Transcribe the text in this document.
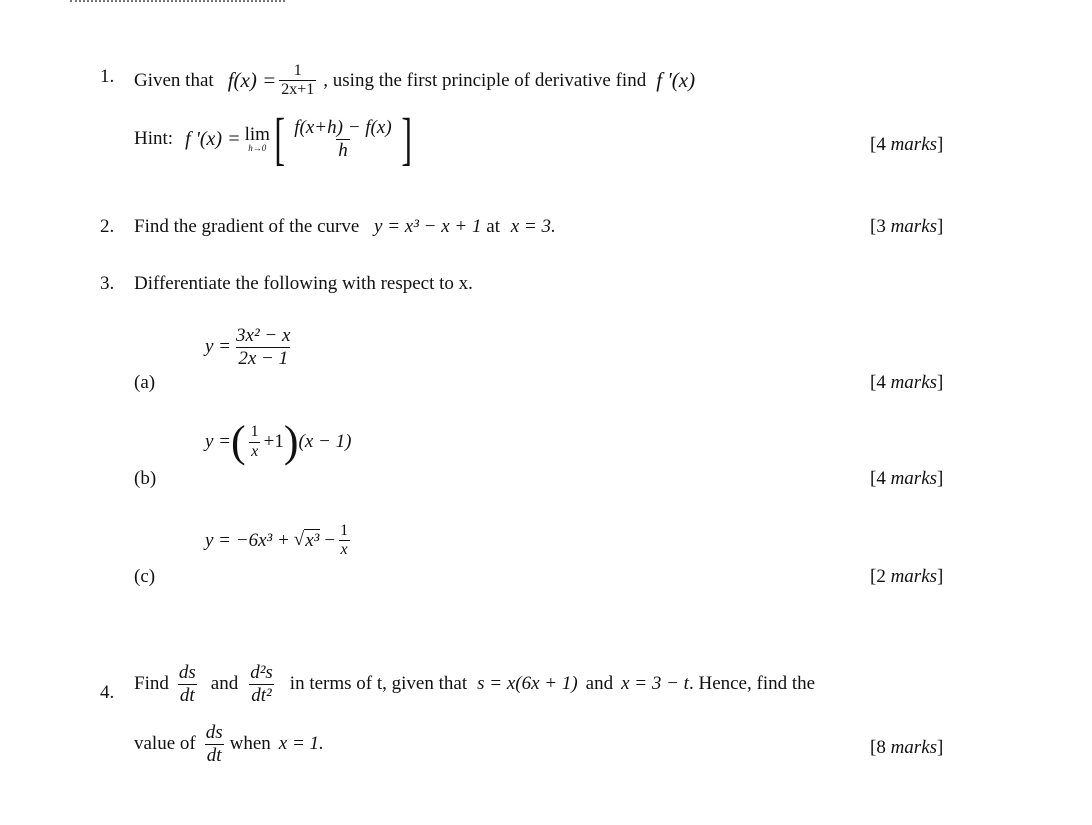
1. Given that $f(x) = \frac{1}{2x+1}$ , using the first principle of derivative find f '(x)
Hint: f '(x) = lim
h→0 [ $\frac{f(x+h) - f(x)}{h}$ ]	[4 marks]
2. Find the gradient of the curve y = x³ − x + 1 at x = 3.	[3 marks]
3. Differentiate the following with respect to x.
(a)
$y = \frac{\text{3x² − x}}{2x - 1}$
[4 marks]
(b)
y = ( $\frac{1}{x} +1$ ) (x − 1)
[4 marks]
(c)
y = −6x³ + √ $x^3 - \frac{1}{x}$
[2 marks]
4. Find $\frac{ds}{dt}$ and $\frac{\text{d²s}}{\text{dt²}}$ in terms of t, given that s = x(6x + 1) and x = 3 − t . Hence, find the
value of $\frac{ds}{dt}$ when x = 1.	[8 marks]
